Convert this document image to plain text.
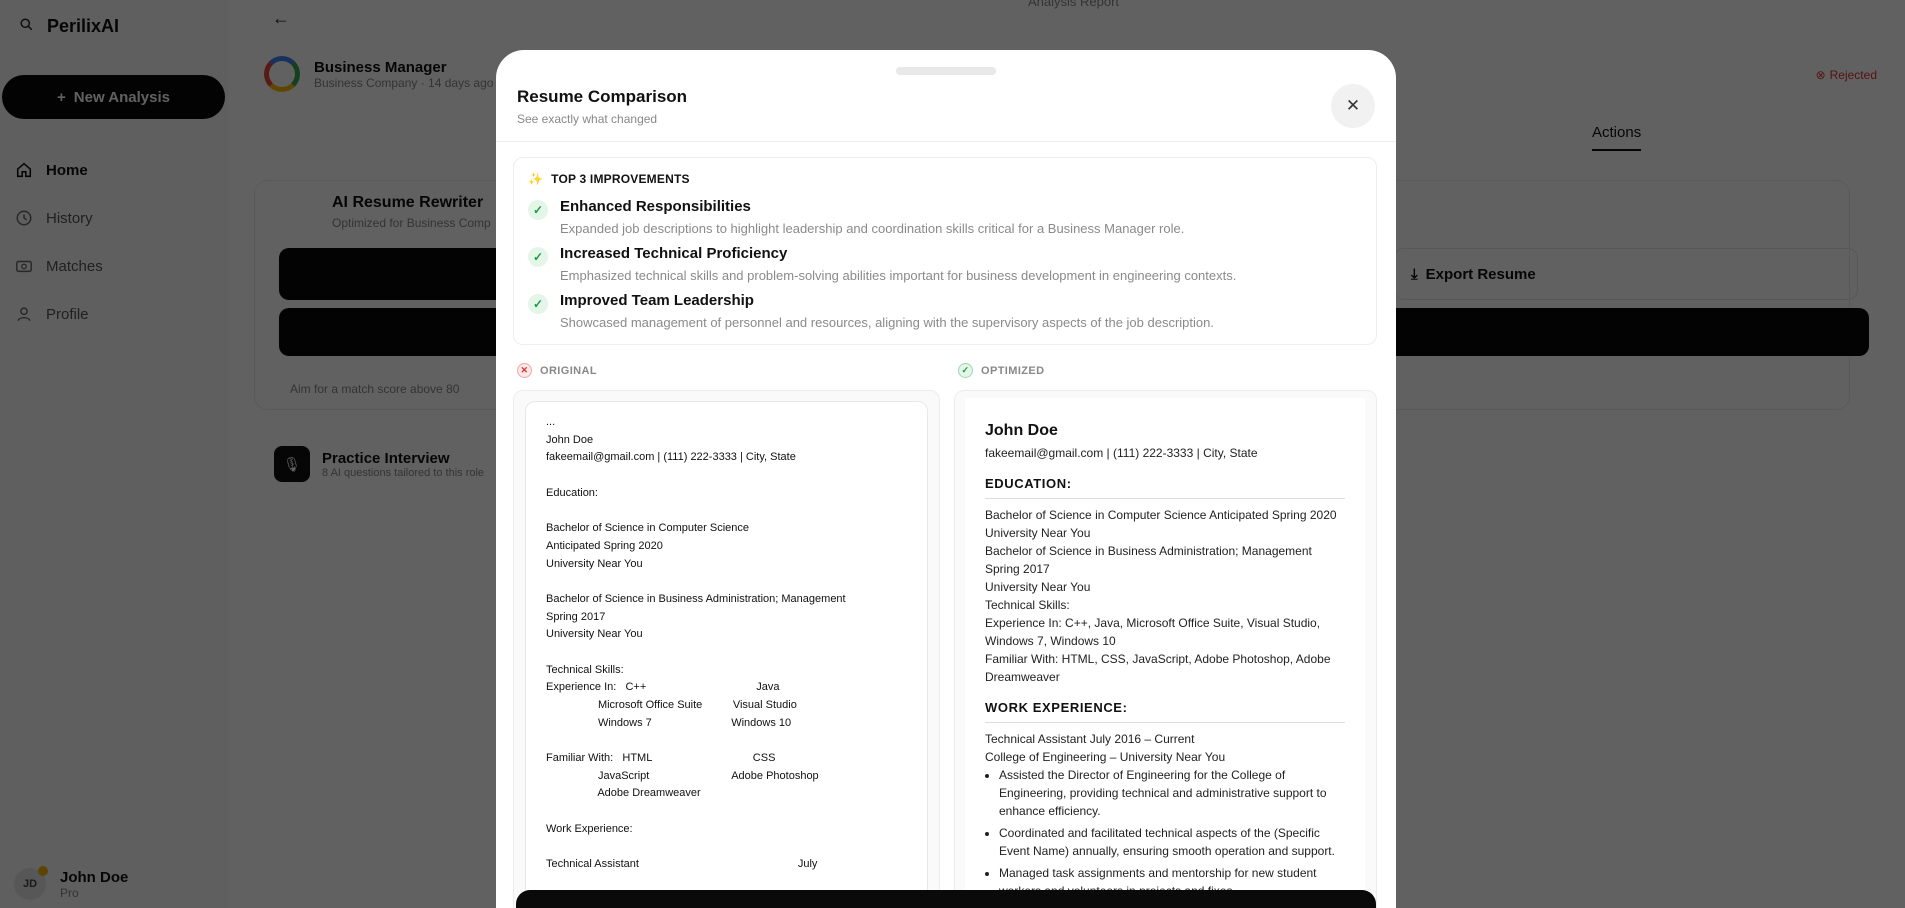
Resume Comparison
See exactly what changed
✕
✨ TOP 3 IMPROVEMENTS
✓	Enhanced Responsibilities
Expanded job descriptions to highlight leadership and coordination skills critical for a Business Manager role.
✓	Increased Technical Proficiency
Emphasized technical skills and problem-solving abilities important for business development in engineering contexts.
✓	Improved Team Leadership
Showcased management of personnel and resources, aligning with the supervisory aspects of the job description.
✕	ORIGINAL	✓	OPTIMIZED
...
John Doe
fakeemail@gmail.com | (111) 222-3333 | City, State
Education:
Bachelor of Science in Computer Science
Anticipated Spring 2020
University Near You
Bachelor of Science in Business Administration; Management
Spring 2017
University Near You
Technical Skills:
Experience In:   C++                                    Java
Microsoft Office Suite          Visual Studio
Windows 7                          Windows 10
Familiar With:   HTML                                 CSS
JavaScript                           Adobe Photoshop
Adobe Dreamweaver
Work Experience:
Technical Assistant                                                    July
John Doe
fakeemail@gmail.com | (111) 222-3333 | City, State
EDUCATION:
Bachelor of Science in Computer Science Anticipated Spring 2020
University Near You
Bachelor of Science in Business Administration; Management Spring 2017
University Near You
Technical Skills:
Experience In: C++, Java, Microsoft Office Suite, Visual Studio, Windows 7, Windows 10
Familiar With: HTML, CSS, JavaScript, Adobe Photoshop, Adobe Dreamweaver
WORK EXPERIENCE:
Technical Assistant July 2016 – Current
College of Engineering – University Near You
• Assisted the Director of Engineering for the College of Engineering, providing technical and administrative support to enhance efficiency.
• Coordinated and facilitated technical aspects of the (Specific Event Name) annually, ensuring smooth operation and support.
• Managed task assignments and mentorship for new student
